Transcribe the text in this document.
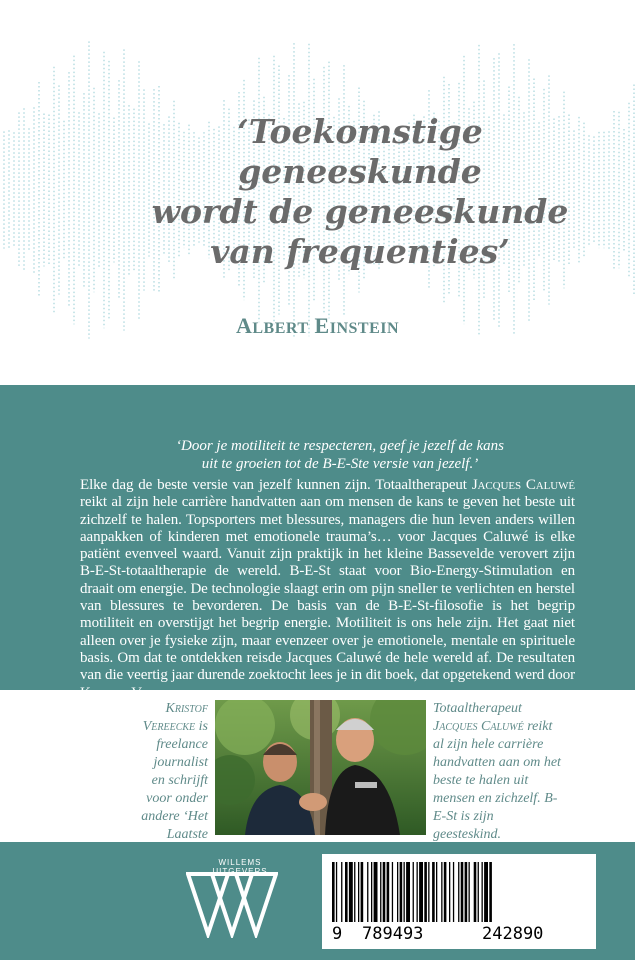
‘Toekomstige
geneeskunde
wordt de geneeskunde
van frequenties’
ALBERT EINSTEIN
‘Door je motiliteit te respecteren, geef je jezelf de kans
uit te groeien tot de B-E-Ste versie van jezelf.’
Elke dag de beste versie van jezelf kunnen zijn. Totaaltherapeut Jacques Caluwé reikt al zijn hele carrière handvatten aan om mensen de kans te geven het beste uit zichzelf te halen. Topsporters met blessures, managers die hun leven anders willen aanpakken of kinderen met emotionele trauma’s… voor Jacques Caluwé is elke patiënt evenveel waard. Vanuit zijn praktijk in het kleine Bassevelde verovert zijn B-E-St-totaaltherapie de wereld. B-E-St staat voor Bio-Energy-Stimulation en draait om energie. De technologie slaagt erin om pijn sneller te verlichten en herstel van blessures te bevorderen. De basis van de B-E-St-filosofie is het begrip motiliteit en overstijgt het begrip energie. Motiliteit is ons hele zijn. Het gaat niet alleen over je fysieke zijn, maar evenzeer over je emotionele, mentale en spirituele basis. Om dat te ontdekken reisde Jacques Caluwé de hele wereld af. De resultaten van die veertig jaar durende zoektocht lees je in dit boek, dat opgetekend werd door
Kristof
Vereecke is freelance journalist en schrijft voor onder andere ‘Het Laatste
Totaaltherapeut Jacques Caluwé reikt al zijn hele carrière handvatten aan om het beste te halen uit mensen en zichzelf. B-E-St is zijn geesteskind.
WILLEMS UITGEVERS
9 789493	242890
